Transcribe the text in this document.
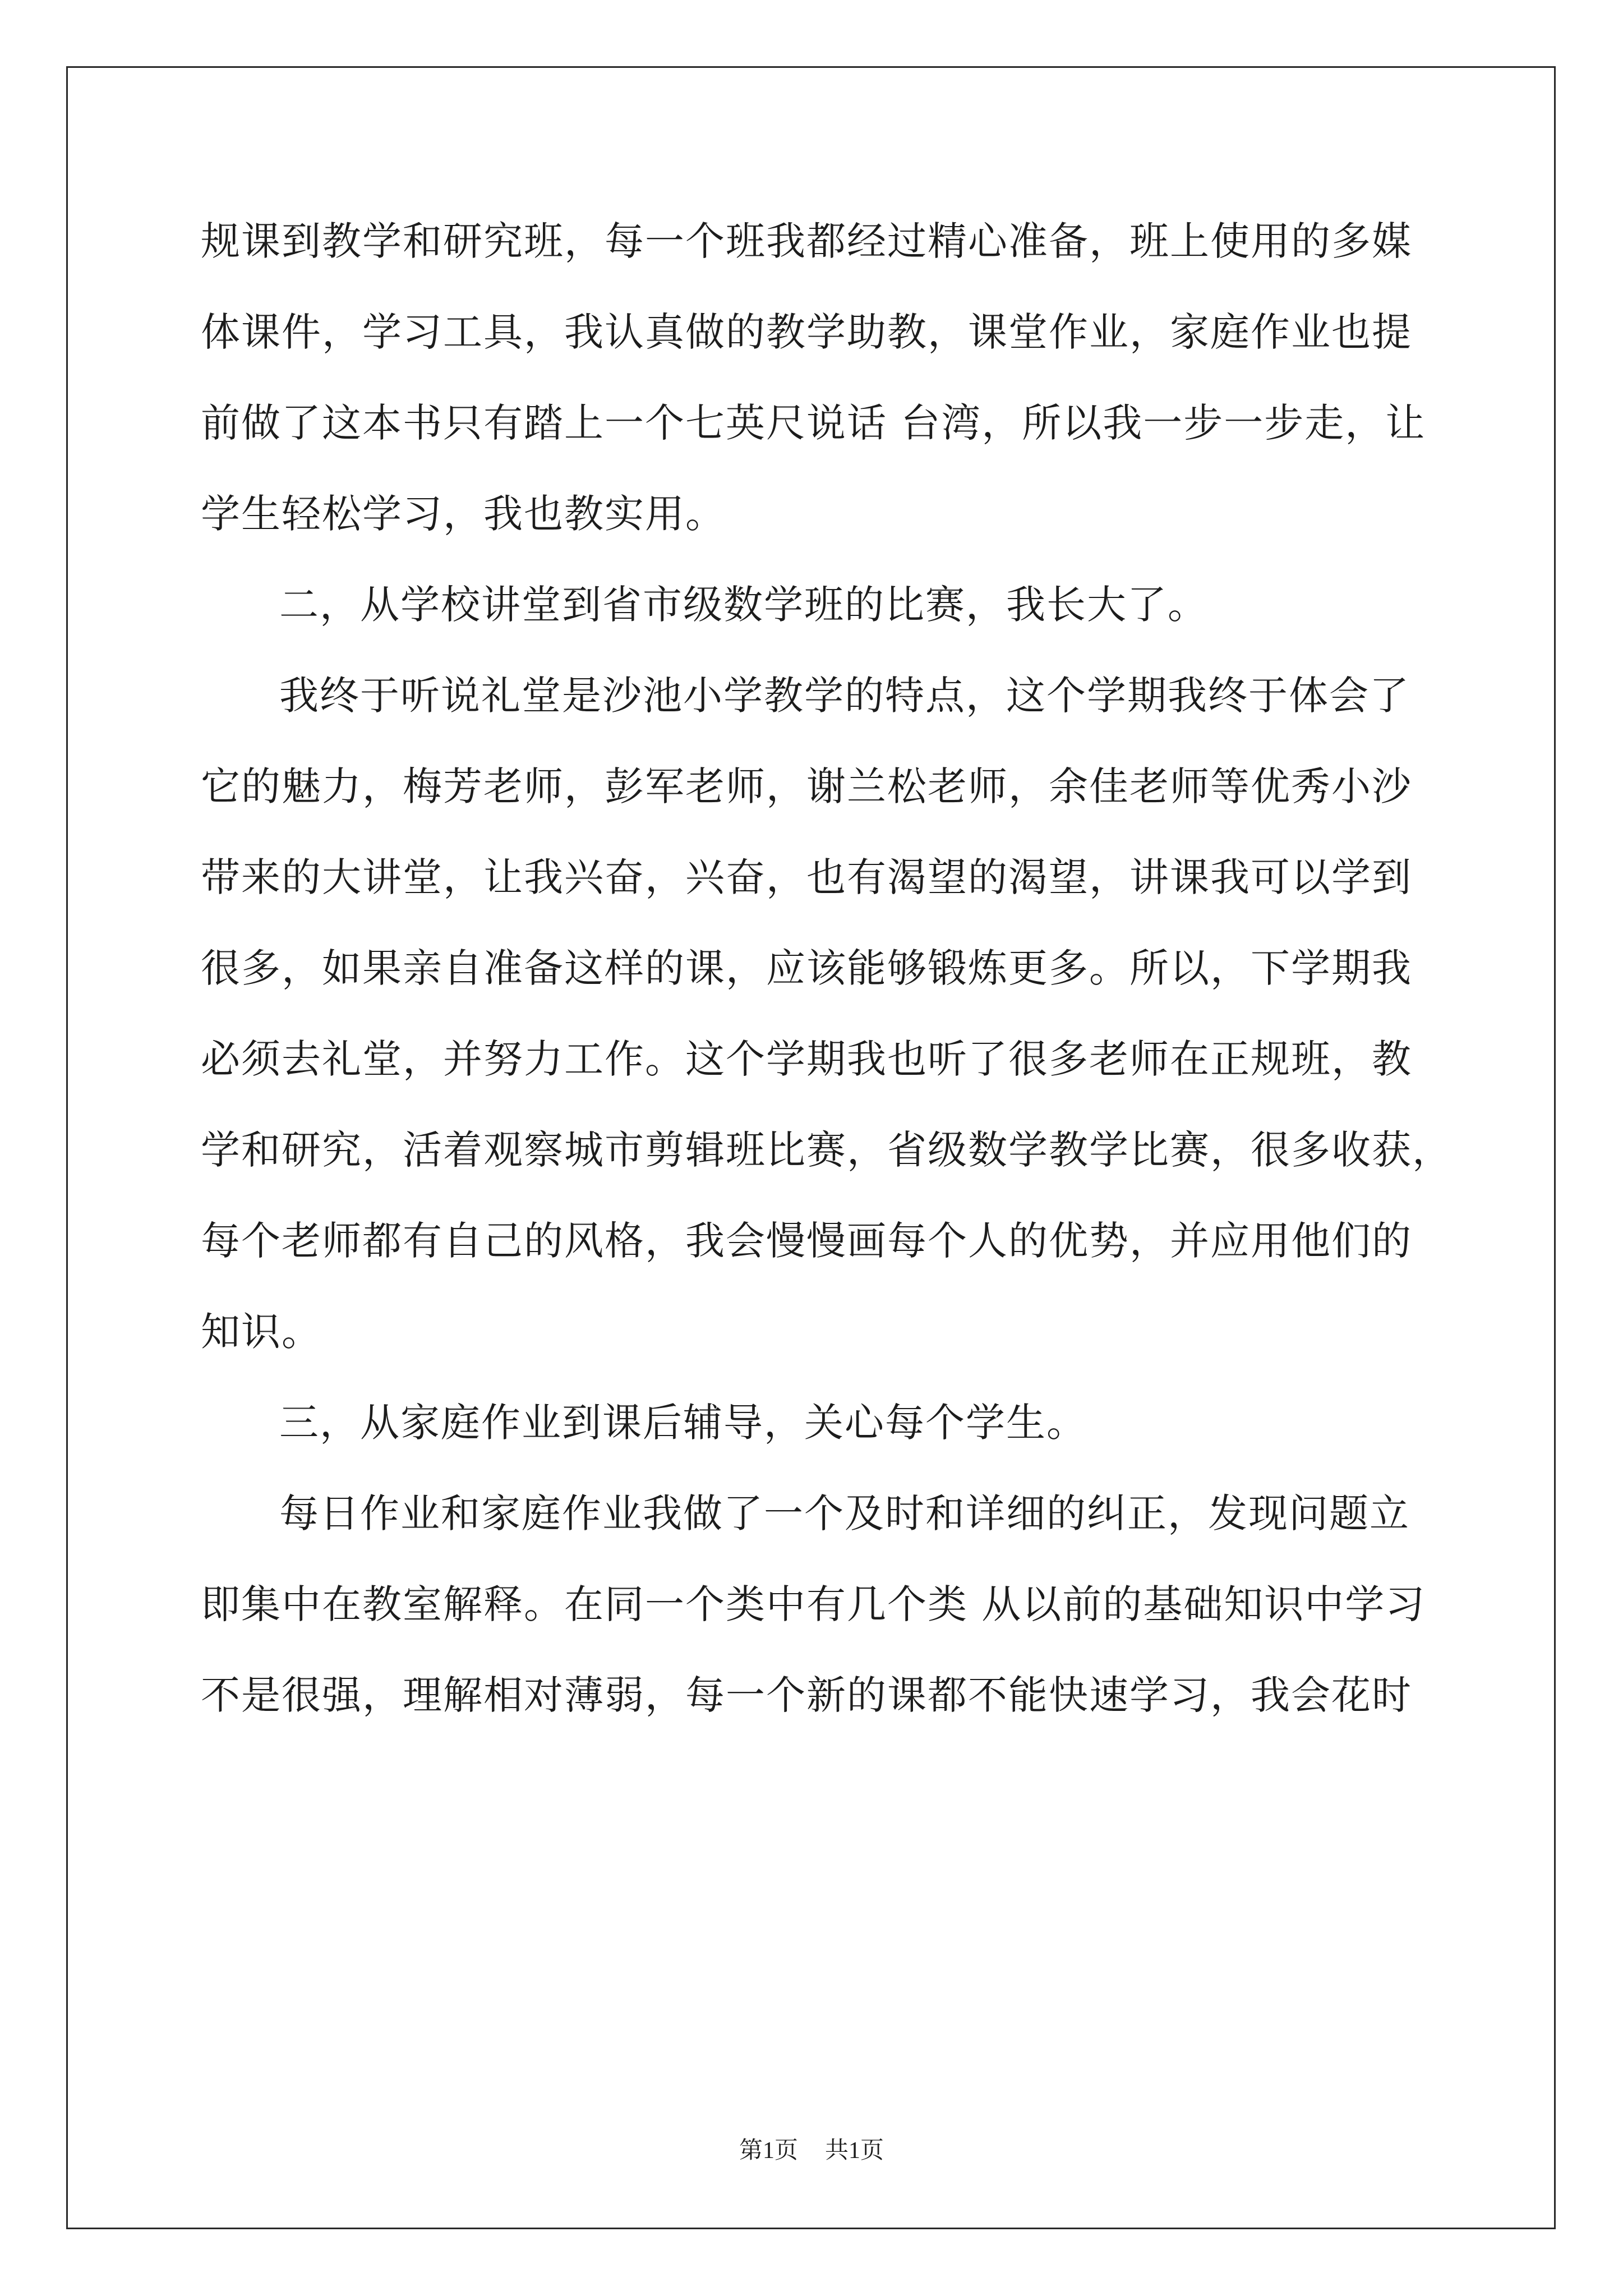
规课到教学和研究班，每一个班我都经过精心准备，班上使用的多媒
体课件，学习工具，我认真做的教学助教，课堂作业，家庭作业也提
前做了这本书只有踏上一个七英尺说话 台湾，所以我一步一步走，让
学生轻松学习，我也教实用。
二，从学校讲堂到省市级数学班的比赛，我长大了。
我终于听说礼堂是沙池小学教学的特点，这个学期我终于体会了
它的魅力，梅芳老师，彭军老师，谢兰松老师，余佳老师等优秀小沙
带来的大讲堂，让我兴奋，兴奋，也有渴望的渴望，讲课我可以学到
很多，如果亲自准备这样的课，应该能够锻炼更多。所以，下学期我
必须去礼堂，并努力工作。这个学期我也听了很多老师在正规班，教
学和研究，活着观察城市剪辑班比赛，省级数学教学比赛，很多收获，
每个老师都有自己的风格，我会慢慢画每个人的优势，并应用他们的
知识。
三，从家庭作业到课后辅导，关心每个学生。
每日作业和家庭作业我做了一个及时和详细的纠正，发现问题立
即集中在教室解释。在同一个类中有几个类 从以前的基础知识中学习
不是很强，理解相对薄弱，每一个新的课都不能快速学习，我会花时
第1页 共1页
